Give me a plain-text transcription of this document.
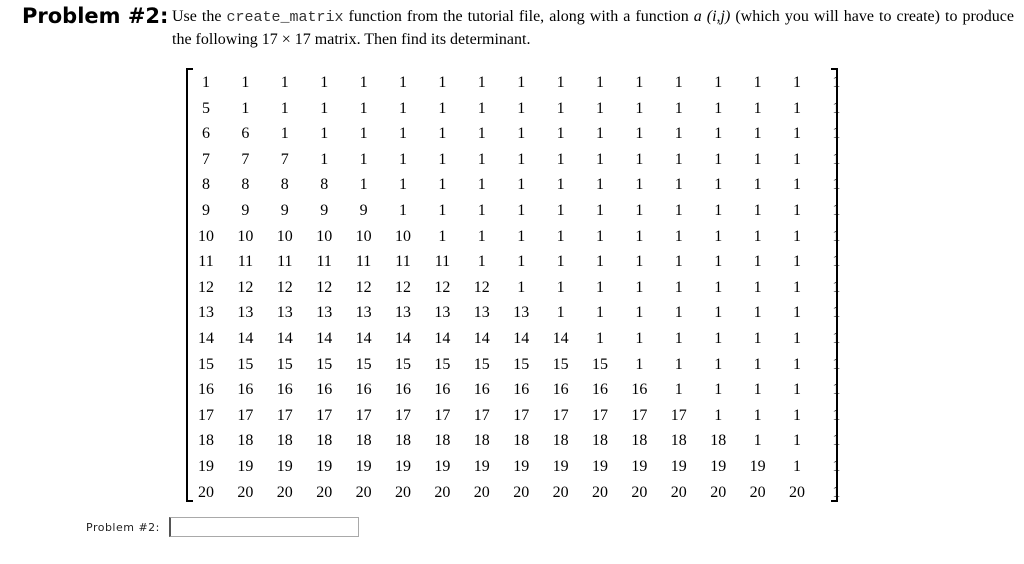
Problem #2: Use the create_matrix function from the tutorial file, along with a function a (i,j) (which you will have to create) to produce the following 17 × 17 matrix. Then find its determinant.
1	1	1	1	1	1	1	1	1	1	1	1	1	1	1	1	1
5	1	1	1	1	1	1	1	1	1	1	1	1	1	1	1	1
6	6	1	1	1	1	1	1	1	1	1	1	1	1	1	1	1
7	7	7	1	1	1	1	1	1	1	1	1	1	1	1	1	1
8	8	8	8	1	1	1	1	1	1	1	1	1	1	1	1	1
9	9	9	9	9	1	1	1	1	1	1	1	1	1	1	1	1
10	10	10	10	10	10	1	1	1	1	1	1	1	1	1	1	1
11	11	11	11	11	11	11	1	1	1	1	1	1	1	1	1	1
12	12	12	12	12	12	12	12	1	1	1	1	1	1	1	1	1
13	13	13	13	13	13	13	13	13	1	1	1	1	1	1	1	1
14	14	14	14	14	14	14	14	14	14	1	1	1	1	1	1	1
15	15	15	15	15	15	15	15	15	15	15	1	1	1	1	1	1
16	16	16	16	16	16	16	16	16	16	16	16	1	1	1	1	1
17	17	17	17	17	17	17	17	17	17	17	17	17	1	1	1	1
18	18	18	18	18	18	18	18	18	18	18	18	18	18	1	1	1
19	19	19	19	19	19	19	19	19	19	19	19	19	19	19	1	1
20	20	20	20	20	20	20	20	20	20	20	20	20	20	20	20	1
Problem #2:
